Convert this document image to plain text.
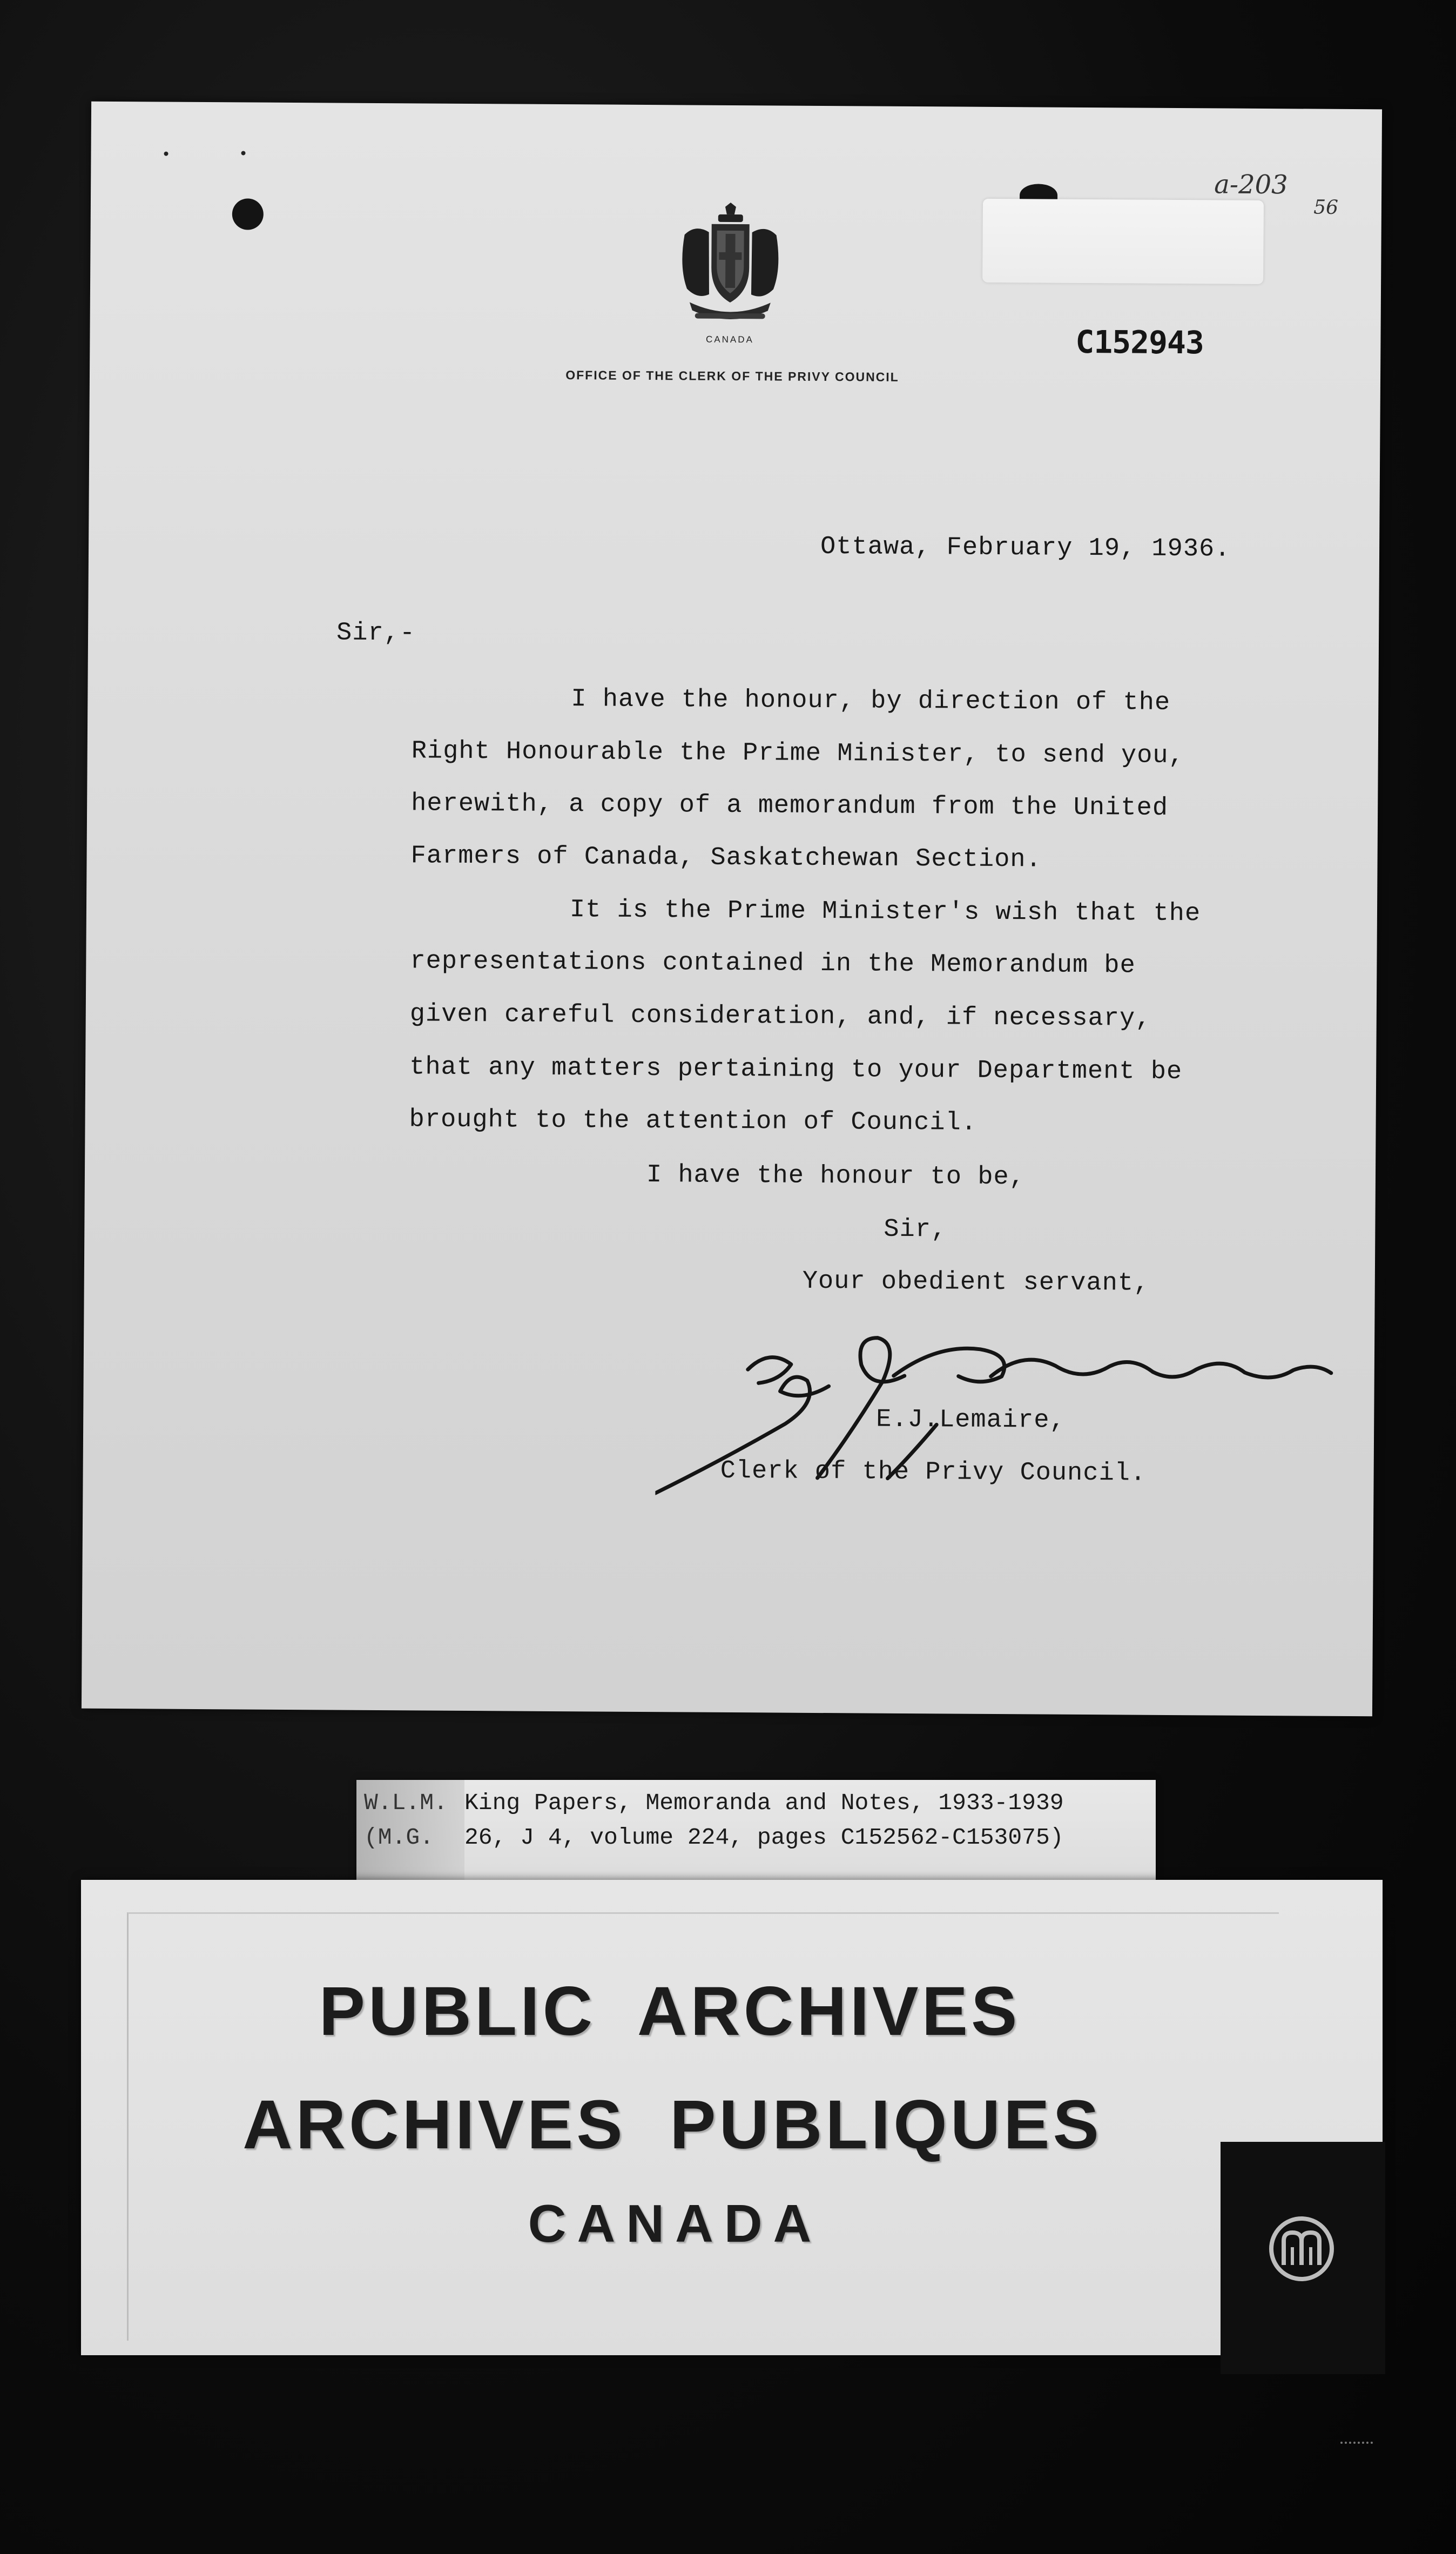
a-203
56
CANADA
OFFICE OF THE CLERK OF THE PRIVY COUNCIL
C152943
Ottawa, February 19, 1936.
Sir,-
I have the honour, by direction of the
Right Honourable the Prime Minister, to send you,
herewith, a copy of a memorandum from the United
Farmers of Canada, Saskatchewan Section.
It is the Prime Minister's wish that the
representations contained in the Memorandum be
given careful consideration, and, if necessary,
that any matters pertaining to your Department be
brought to the attention of Council.
I have the honour to be,
Sir,
Your obedient servant,
E.J.Lemaire,
Clerk of the Privy Council.
W.L.M.
(M.G.
King Papers, Memoranda and Notes, 1933-1939
26, J 4, volume 224, pages C152562-C153075)
PUBLIC ARCHIVES
ARCHIVES PUBLIQUES
CANADA
